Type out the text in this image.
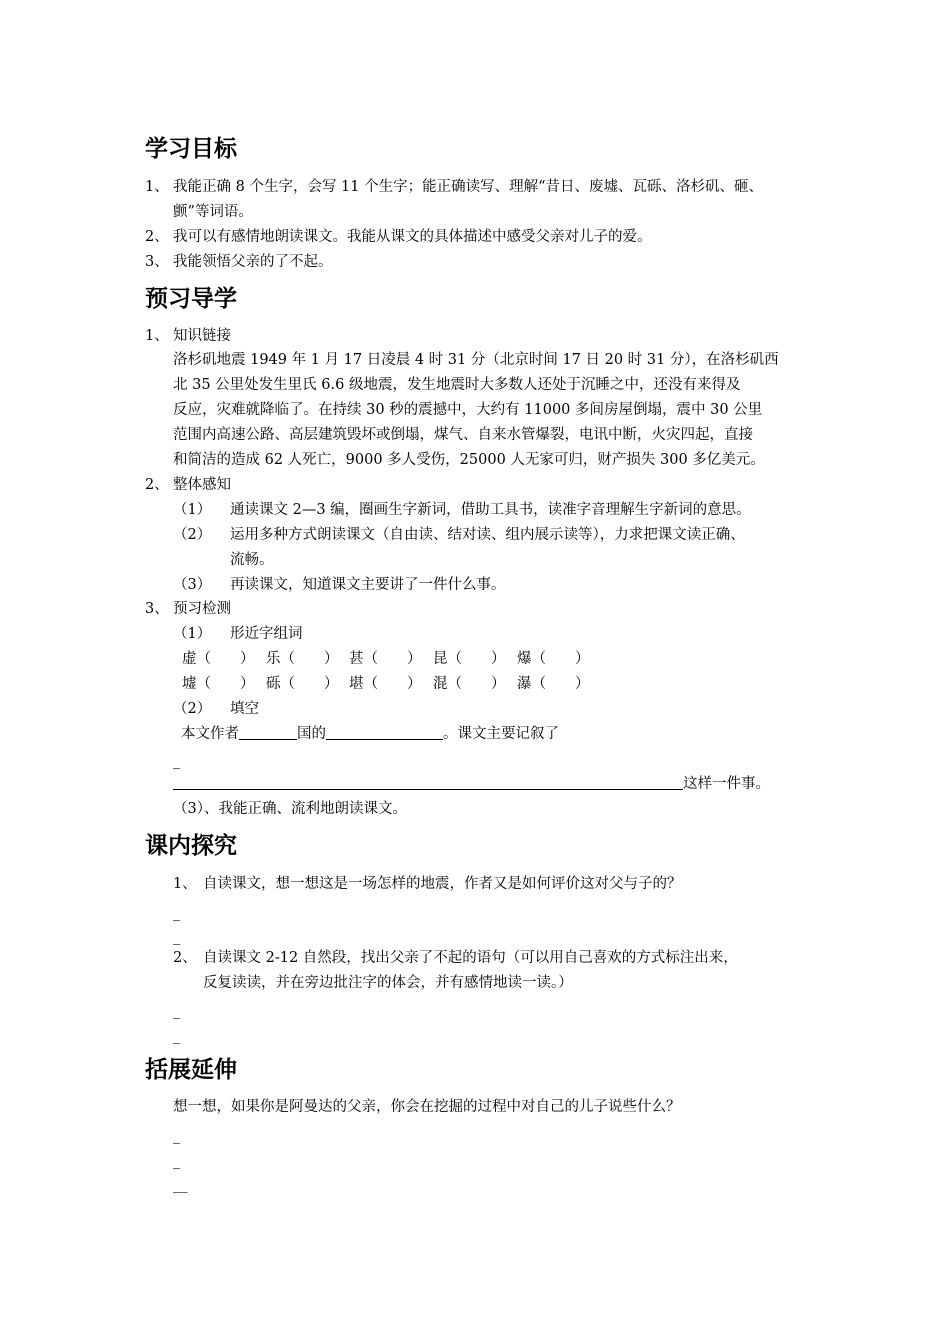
学习目标
1、 我能正确 8 个生字，会写 11 个生字；能正确读写、理解“昔日、废墟、瓦砾、洛杉矶、砸、
颤”等词语。
2、 我可以有感情地朗读课文。我能从课文的具体描述中感受父亲对儿子的爱。
3、 我能领悟父亲的了不起。
预习导学
1、 知识链接
洛杉矶地震 1949 年 1 月 17 日凌晨 4 时 31 分（北京时间 17 日 20 时 31 分），在洛杉矶西
北 35 公里处发生里氏 6.6 级地震，发生地震时大多数人还处于沉睡之中，还没有来得及
反应，灾难就降临了。在持续 30 秒的震撼中，大约有 11000 多间房屋倒塌，震中 30 公里
范围内高速公路、高层建筑毁坏或倒塌，煤气、自来水管爆裂，电讯中断，火灾四起，直接
和简洁的造成 62 人死亡，9000 多人受伤，25000 人无家可归，财产损失 300 多亿美元。
2、 整体感知
（1） 通读课文 2—3 编，圈画生字新词，借助工具书，读准字音理解生字新词的意思。
（2） 运用多种方式朗读课文（自由读、结对读、组内展示读等），力求把课文读正确、
流畅。
（3） 再读课文，知道课文主要讲了一件什么事。
3、 预习检测
（1） 形近字组词
虚（ ） 乐（ ） 甚（ ） 昆（ ） 爆（ ）
墟（ ） 砾（ ） 堪（ ） 混（ ） 瀑（ ）
（2） 填空
本文作者	国的	。课文主要记叙了
_
这样一件事。
（3）、我能正确、流利地朗读课文。
课内探究
1、 自读课文，想一想这是一场怎样的地震，作者又是如何评价这对父与子的？
_
_
2、 自读课文 2-12 自然段，找出父亲了不起的语句（可以用自己喜欢的方式标注出来，
反复读读，并在旁边批注字的体会，并有感情地读一读。）
_
_
括展延伸
想一想，如果你是阿曼达的父亲，你会在挖掘的过程中对自己的儿子说些什么？
_
_
__
